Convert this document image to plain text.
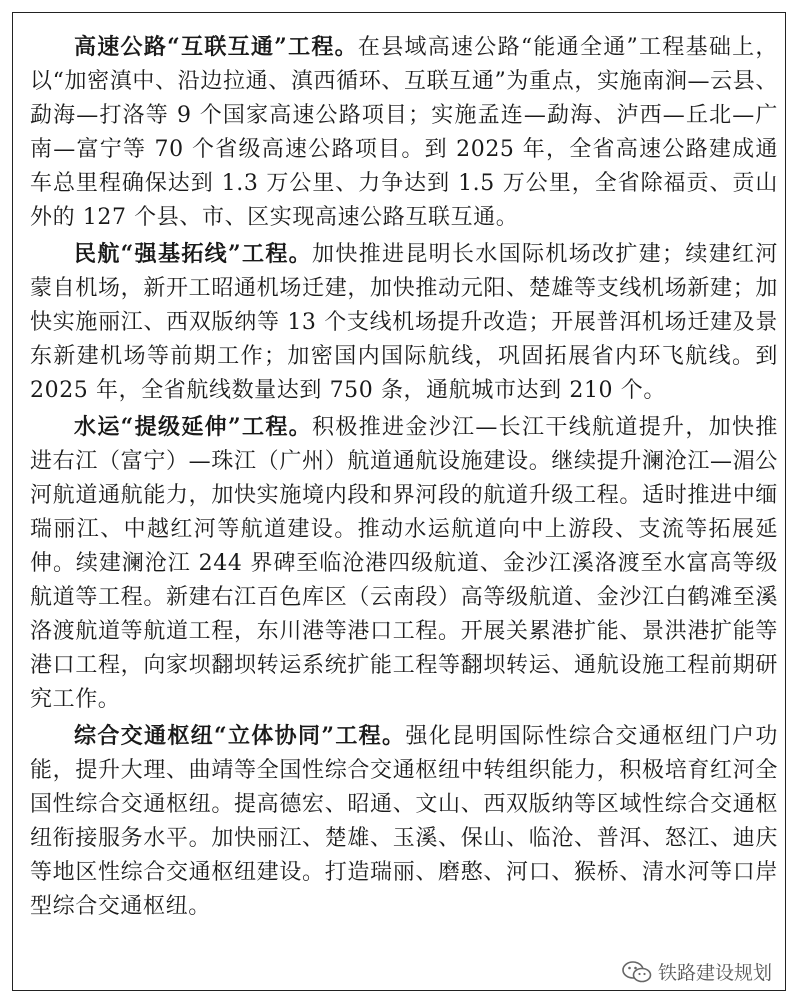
高速公路“互联互通”工程。在县域高速公路“能通全通”工程基础上，以“加密滇中、沿边拉通、滇西循环、互联互通”为重点，实施南涧—云县、勐海—打洛等 9 个国家高速公路项目；实施孟连—勐海、泸西—丘北—广南—富宁等 70 个省级高速公路项目。到 2025 年，全省高速公路建成通车总里程确保达到 1.3 万公里、力争达到 1.5 万公里，全省除福贡、贡山外的 127 个县、市、区实现高速公路互联互通。

民航“强基拓线”工程。加快推进昆明长水国际机场改扩建；续建红河蒙自机场，新开工昭通机场迁建，加快推动元阳、楚雄等支线机场新建；加快实施丽江、西双版纳等 13 个支线机场提升改造；开展普洱机场迁建及景东新建机场等前期工作；加密国内国际航线，巩固拓展省内环飞航线。到 2025 年，全省航线数量达到 750 条，通航城市达到 210 个。

水运“提级延伸”工程。积极推进金沙江—长江干线航道提升，加快推进右江（富宁）—珠江（广州）航道通航设施建设。继续提升澜沧江—湄公河航道通航能力，加快实施境内段和界河段的航道升级工程。适时推进中缅瑞丽江、中越红河等航道建设。推动水运航道向中上游段、支流等拓展延伸。续建澜沧江 244 界碑至临沧港四级航道、金沙江溪洛渡至水富高等级航道等工程。新建右江百色库区（云南段）高等级航道、金沙江白鹤滩至溪洛渡航道等航道工程，东川港等港口工程。开展关累港扩能、景洪港扩能等港口工程，向家坝翻坝转运系统扩能工程等翻坝转运、通航设施工程前期研究工作。

综合交通枢纽“立体协同”工程。强化昆明国际性综合交通枢纽门户功能，提升大理、曲靖等全国性综合交通枢纽中转组织能力，积极培育红河全国性综合交通枢纽。提高德宏、昭通、文山、西双版纳等区域性综合交通枢纽衔接服务水平。加快丽江、楚雄、玉溪、保山、临沧、普洱、怒江、迪庆等地区性综合交通枢纽建设。打造瑞丽、磨憨、河口、猴桥、清水河等口岸型综合交通枢纽。

铁路建设规划
